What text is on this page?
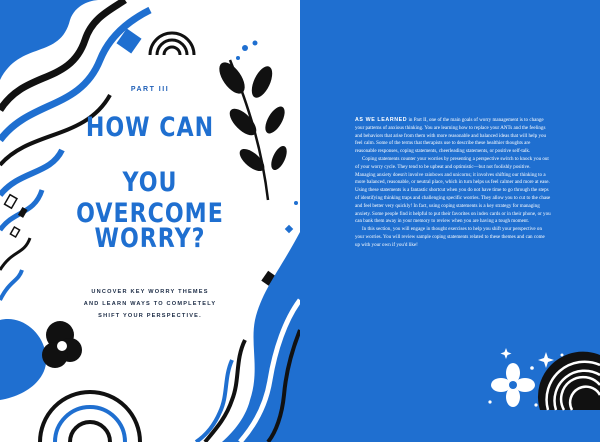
PART III
HOW CAN
YOU OVERCOME
WORRY?
UNCOVER KEY WORRY THEMES
AND LEARN WAYS TO COMPLETELY
SHIFT YOUR PERSPECTIVE.

AS WE LEARNED in Part II, one of the main goals of worry management is to change your patterns of anxious thinking. You are learning how to replace your ANTs and the feelings and behaviors that arise from them with more reasonable and balanced ideas that will help you feel calm. Some of the terms that therapists use to describe these healthier thoughts are reasonable responses, coping statements, cheerleading statements, or positive self-talk.

Coping statements counter your worries by presenting a perspective switch to knock you out of your worry cycle. They tend to be upbeat and optimistic—but not foolishly positive. Managing anxiety doesn't involve rainbows and unicorns; it involves shifting our thinking to a more balanced, reasonable, or neutral place, which in turn helps us feel calmer and more at ease. Using these statements is a fantastic shortcut when you do not have time to go through the steps of identifying thinking traps and challenging specific worries. They allow you to cut to the chase and feel better very quickly! In fact, using coping statements is a key strategy for managing anxiety. Some people find it helpful to put their favorites on index cards or in their phone, or you can bank them away in your memory to review when you are having a tough moment.

In this section, you will engage in thought exercises to help you shift your perspective on your worries. You will review sample coping statements related to these themes and can come up with your own if you'd like!
